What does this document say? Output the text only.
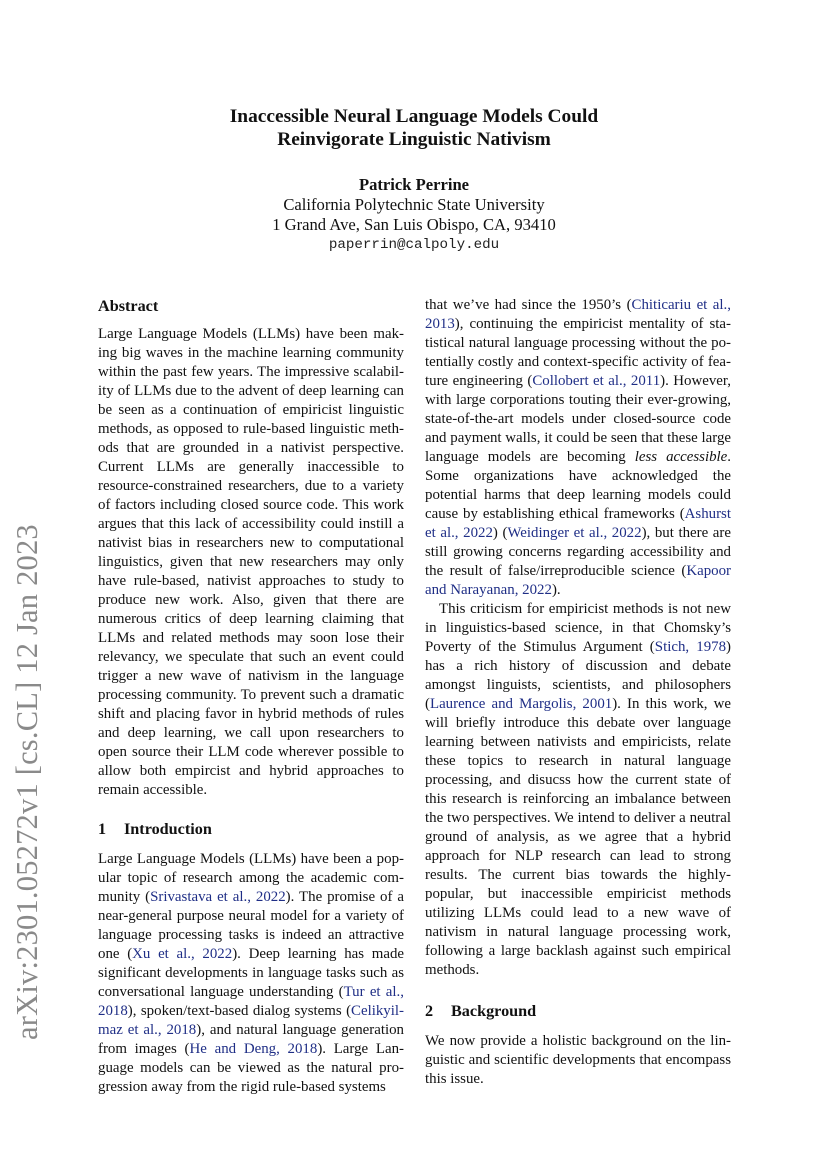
arXiv:2301.05272v1 [cs.CL] 12 Jan 2023
Inaccessible Neural Language Models Could
Reinvigorate Linguistic Nativism
Patrick Perrine
California Polytechnic State University
1 Grand Ave, San Luis Obispo, CA, 93410
paperrin@calpoly.edu
Abstract

Large Language Models (LLMs) have been making big waves in the machine learning community within the past few years. The impressive scalability of LLMs due to the advent of deep learning can be seen as a continuation of empiricist linguistic methods, as opposed to rule-based linguistic methods that are grounded in a nativist perspective. Current LLMs are generally inaccessible to resource-constrained researchers, due to a variety of factors including closed source code. This work argues that this lack of accessibility could instill a nativist bias in researchers new to computational linguistics, given that new researchers may only have rule-based, nativist approaches to study to produce new work. Also, given that there are numerous critics of deep learning claiming that LLMs and related methods may soon lose their relevancy, we speculate that such an event could trigger a new wave of nativism in the language processing community. To prevent such a dramatic shift and placing favor in hybrid methods of rules and deep learning, we call upon researchers to open source their LLM code wherever possible to allow both empircist and hybrid approaches to remain accessible.

1 Introduction

Large Language Models (LLMs) have been a popular topic of research among the academic community (Srivastava et al., 2022). The promise of a near-general purpose neural model for a variety of language processing tasks is indeed an attractive one (Xu et al., 2022). Deep learning has made significant developments in language tasks such as conversational language understanding (Tur et al., 2018), spoken/text-based dialog systems (Celikyilmaz et al., 2018), and natural language generation from images (He and Deng, 2018). Large Language models can be viewed as the natural progression away from the rigid rule-based systems

that we’ve had since the 1950’s (Chiticariu et al., 2013), continuing the empiricist mentality of statistical natural language processing without the potentially costly and context-specific activity of feature engineering (Collobert et al., 2011). However, with large corporations touting their ever-growing, state-of-the-art models under closed-source code and payment walls, it could be seen that these large language models are becoming less accessible. Some organizations have acknowledged the potential harms that deep learning models could cause by establishing ethical frameworks (Ashurst et al., 2022) (Weidinger et al., 2022), but there are still growing concerns regarding accessibility and the result of false/irreproducible science (Kapoor and Narayanan, 2022).

This criticism for empiricist methods is not new in linguistics-based science, in that Chomsky’s Poverty of the Stimulus Argument (Stich, 1978) has a rich history of discussion and debate amongst linguists, scientists, and philosophers (Laurence and Margolis, 2001). In this work, we will briefly introduce this debate over language learning between nativists and empiricists, relate these topics to research in natural language processing, and disucss how the current state of this research is reinforcing an imbalance between the two perspectives. We intend to deliver a neutral ground of analysis, as we agree that a hybrid approach for NLP research can lead to strong results. The current bias towards the highly-popular, but inaccessible empiricist methods utilizing LLMs could lead to a new wave of nativism in natural language processing work, following a large backlash against such empirical methods.

2 Background

We now provide a holistic background on the linguistic and scientific developments that encompass this issue.
